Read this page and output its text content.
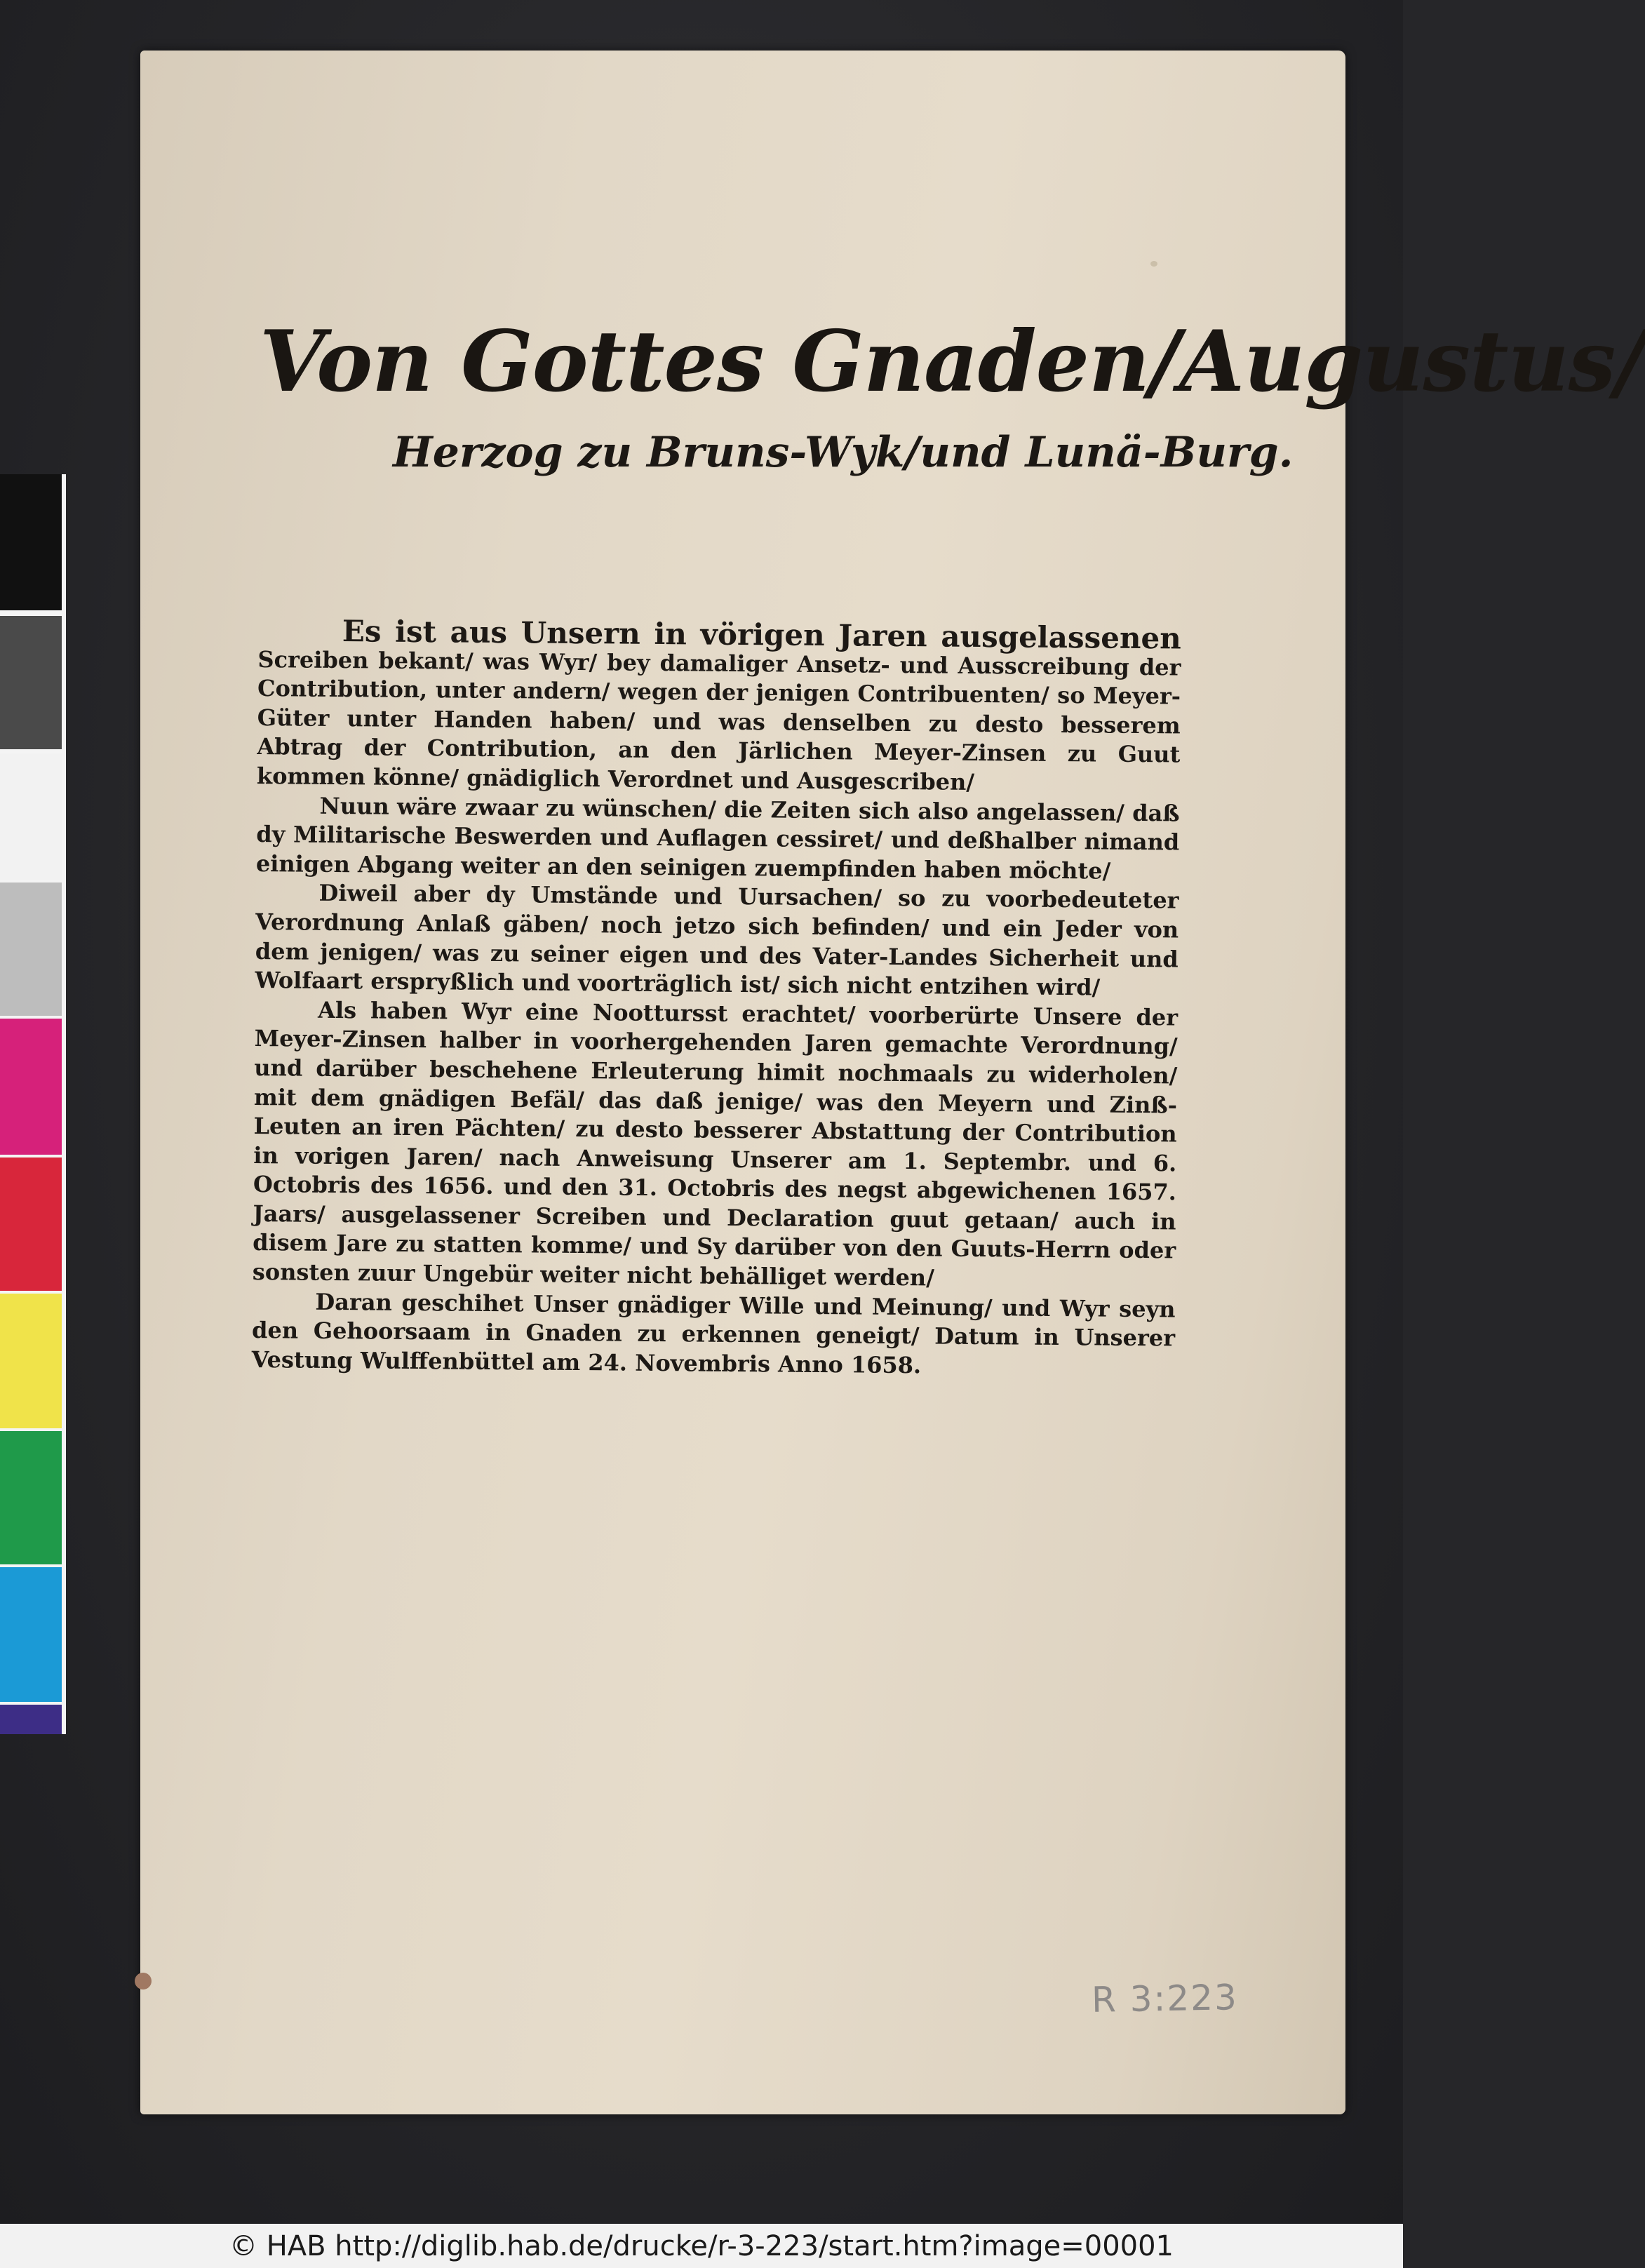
Von Gottes Gnaden/Augustus/
Herzog zu Bruns-Wyk/und Lunä-Burg.

Es ist aus Unsern in vörigen Jaren ausgelassenen Screiben bekant/ was Wyr/ bey damaliger Ansetz- und Ausscreibung der Contribution, unter andern/ wegen der jenigen Contribuenten/ so Meyer-Güter unter Handen haben/ und was denselben zu desto besserem Abtrag der Contribution, an den Järlichen Meyer-Zinsen zu Guut kommen könne/ gnädiglich Verordnet und Ausgescriben/

Nuun wäre zwaar zu wünschen/ die Zeiten sich also angelassen/ daß dy Militarische Beswerden und Auflagen cessiret/ und deßhalber nimand einigen Abgang weiter an den seinigen zuempfinden haben möchte/

Diweil aber dy Umstände und Uursachen/ so zu voorbedeuteter Verordnung Anlaß gäben/ noch jetzo sich befinden/ und ein Jeder von dem jenigen/ was zu seiner eigen und des Vater-Landes Sicherheit und Wolfaart erspryßlich und voorträglich ist/ sich nicht entzihen wird/

Als haben Wyr eine Noottursst erachtet/ voorberürte Unsere der Meyer-Zinsen halber in voorhergehenden Jaren gemachte Verordnung/ und darüber beschehene Erleuterung himit nochmaals zu widerholen/ mit dem gnädigen Befäl/ das daß jenige/ was den Meyern und Zinß-Leuten an iren Pächten/ zu desto besserer Abstattung der Contribution in vorigen Jaren/ nach Anweisung Unserer am 1. Septembr. und 6. Octobris des 1656. und den 31. Octobris des negst abgewichenen 1657. Jaars/ ausgelassener Screiben und Declaration guut getaan/ auch in disem Jare zu statten komme/ und Sy darüber von den Guuts-Herrn oder sonsten zuur Ungebür weiter nicht behälliget werden/

Daran geschihet Unser gnädiger Wille und Meinung/ und Wyr seyn den Gehoorsaam in Gnaden zu erkennen geneigt/ Datum in Unserer Vestung Wulffenbüttel am 24. Novembris Anno 1658.

R 3:223
© HAB http://diglib.hab.de/drucke/r-3-223/start.htm?image=00001
